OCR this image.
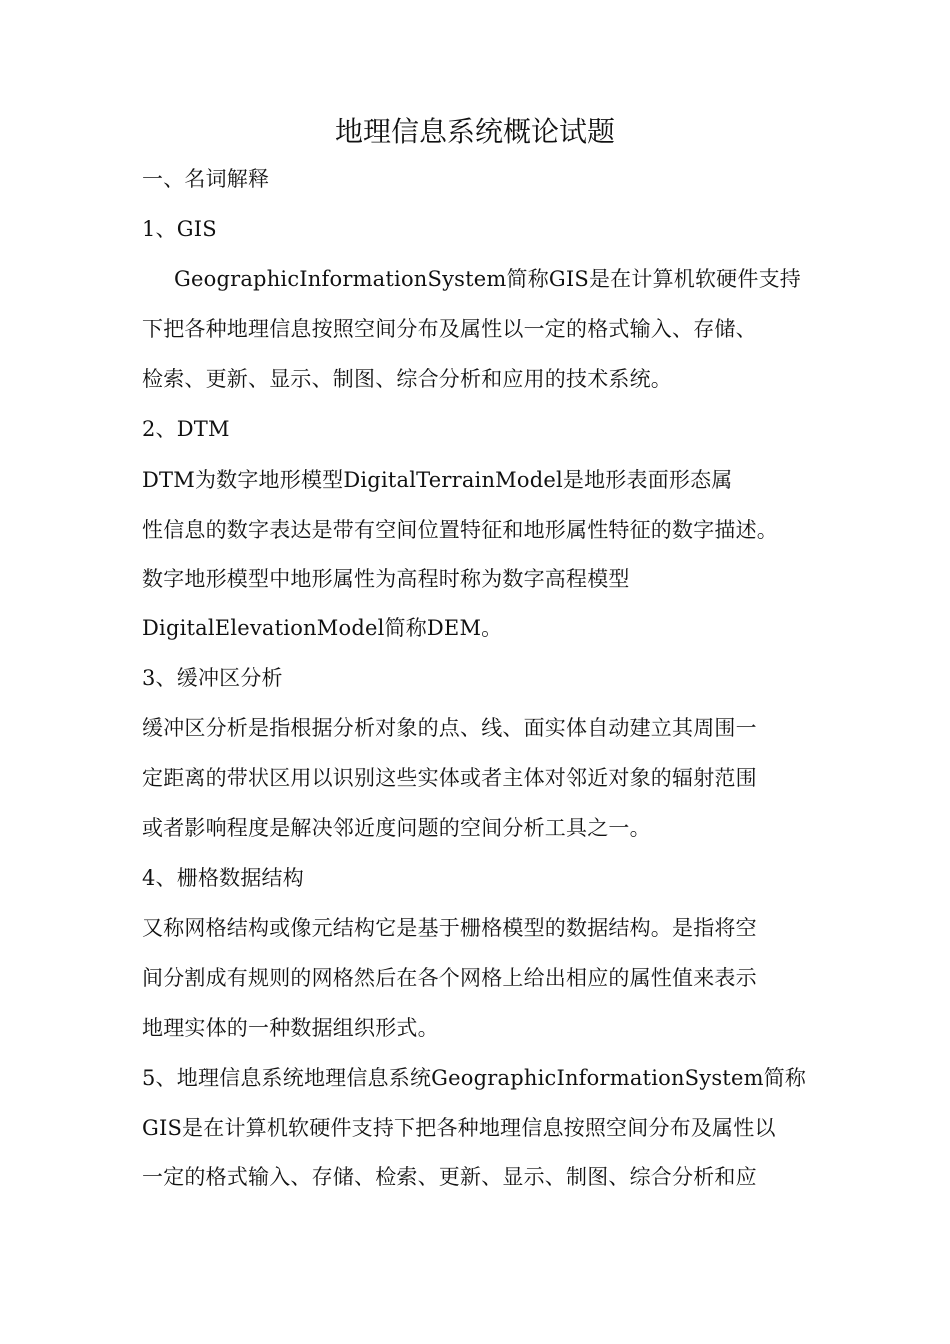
地理信息系统概论试题
一、名词解释
1、GIS
GeographicInformationSystem简称GIS是在计算机软硬件支持
下把各种地理信息按照空间分布及属性以一定的格式输入、存储、
检索、更新、显示、制图、综合分析和应用的技术系统。
2、DTM
DTM为数字地形模型DigitalTerrainModel是地形表面形态属
性信息的数字表达是带有空间位置特征和地形属性特征的数字描述。
数字地形模型中地形属性为高程时称为数字高程模型
DigitalElevationModel简称DEM。
3、缓冲区分析
缓冲区分析是指根据分析对象的点、线、面实体自动建立其周围一
定距离的带状区用以识别这些实体或者主体对邻近对象的辐射范围
或者影响程度是解决邻近度问题的空间分析工具之一。
4、栅格数据结构
又称网格结构或像元结构它是基于栅格模型的数据结构。是指将空
间分割成有规则的网格然后在各个网格上给出相应的属性值来表示
地理实体的一种数据组织形式。
5、地理信息系统地理信息系统GeographicInformationSystem简称
GIS是在计算机软硬件支持下把各种地理信息按照空间分布及属性以
一定的格式输入、存储、检索、更新、显示、制图、综合分析和应
